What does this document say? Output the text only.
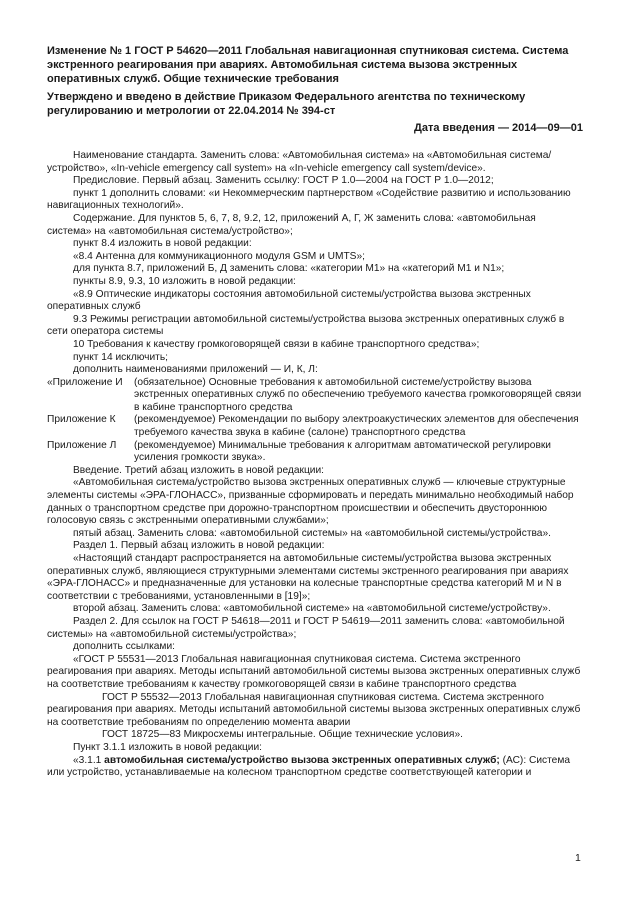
Изменение № 1 ГОСТ Р 54620—2011 Глобальная навигационная спутниковая система. Система экстренного реагирования при авариях. Автомобильная система вызова экстренных оперативных служб. Общие технические требования

Утверждено и введено в действие Приказом Федерального агентства по техническому регулированию и метрологии от 22.04.2014 № 394-ст

Дата введения — 2014—09—01

Наименование стандарта. Заменить слова: «Автомобильная система» на «Автомобильная система/устройство», «In-vehicle emergency call system» на «In-vehicle emergency call system/device».

Предисловие. Первый абзац. Заменить ссылку: ГОСТ Р 1.0—2004 на ГОСТ Р 1.0—2012;

пункт 1 дополнить словами: «и Некоммерческим партнерством «Содействие развитию и использованию навигационных технологий».

Содержание. Для пунктов 5, 6, 7, 8, 9.2, 12, приложений А, Г, Ж заменить слова: «автомобильная система» на «автомобильная система/устройство»;

пункт 8.4 изложить в новой редакции:

«8.4 Антенна для коммуникационного модуля GSM и UMTS»;

для пункта 8.7, приложений Б, Д заменить слова: «категории М1» на «категорий М1 и N1»;

пункты 8.9, 9.3, 10 изложить в новой редакции:

«8.9 Оптические индикаторы состояния автомобильной системы/устройства вызова экстренных оперативных служб

9.3 Режимы регистрации автомобильной системы/устройства вызова экстренных оперативных служб в сети оператора системы

10 Требования к качеству громкоговорящей связи в кабине транспортного средства»;

пункт 14 исключить;

дополнить наименованиями приложений — И, К, Л:

«Приложение И	(обязательное) Основные требования к автомобильной системе/устройству вызова экстренных оперативных служб по обеспечению требуемого качества громкоговорящей связи в кабине транспортного средства
Приложение К	(рекомендуемое) Рекомендации по выбору электроакустических элементов для обеспечения требуемого качества звука в кабине (салоне) транспортного средства
Приложение Л	(рекомендуемое) Минимальные требования к алгоритмам автоматической регулировки усиления громкости звука».

Введение. Третий абзац изложить в новой редакции:

«Автомобильная система/устройство вызова экстренных оперативных служб — ключевые структурные элементы системы «ЭРА-ГЛОНАСС», призванные сформировать и передать минимально необходимый набор данных о транспортном средстве при дорожно-транспортном происшествии и обеспечить двустороннюю голосовую связь с экстренными оперативными службами»;

пятый абзац. Заменить слова: «автомобильной системы» на «автомобильной системы/устройства».

Раздел 1. Первый абзац изложить в новой редакции:

«Настоящий стандарт распространяется на автомобильные системы/устройства вызова экстренных оперативных служб, являющиеся структурными элементами системы экстренного реагирования при авариях «ЭРА-ГЛОНАСС» и предназначенные для установки на колесные транспортные средства категорий М и N в соответствии с требованиями, установленными в [19]»;

второй абзац. Заменить слова: «автомобильной системе» на «автомобильной системе/устройству».

Раздел 2. Для ссылок на ГОСТ Р 54618—2011 и ГОСТ Р 54619—2011 заменить слова: «автомобильной системы» на «автомобильной системы/устройства»;

дополнить ссылками:

«ГОСТ Р 55531—2013 Глобальная навигационная спутниковая система. Система экстренного реагирования при авариях. Методы испытаний автомобильной системы вызова экстренных оперативных служб на соответствие требованиям к качеству громкоговорящей связи в кабине транспортного средства

ГОСТ Р 55532—2013 Глобальная навигационная спутниковая система. Система экстренного реагирования при авариях. Методы испытаний автомобильной системы вызова экстренных оперативных служб на соответствие требованиям по определению момента аварии

ГОСТ 18725—83 Микросхемы интегральные. Общие технические условия».

Пункт 3.1.1 изложить в новой редакции:

«3.1.1 автомобильная система/устройство вызова экстренных оперативных служб; (АС): Система или устройство, устанавливаемые на колесном транспортном средстве соответствующей категории и

1
